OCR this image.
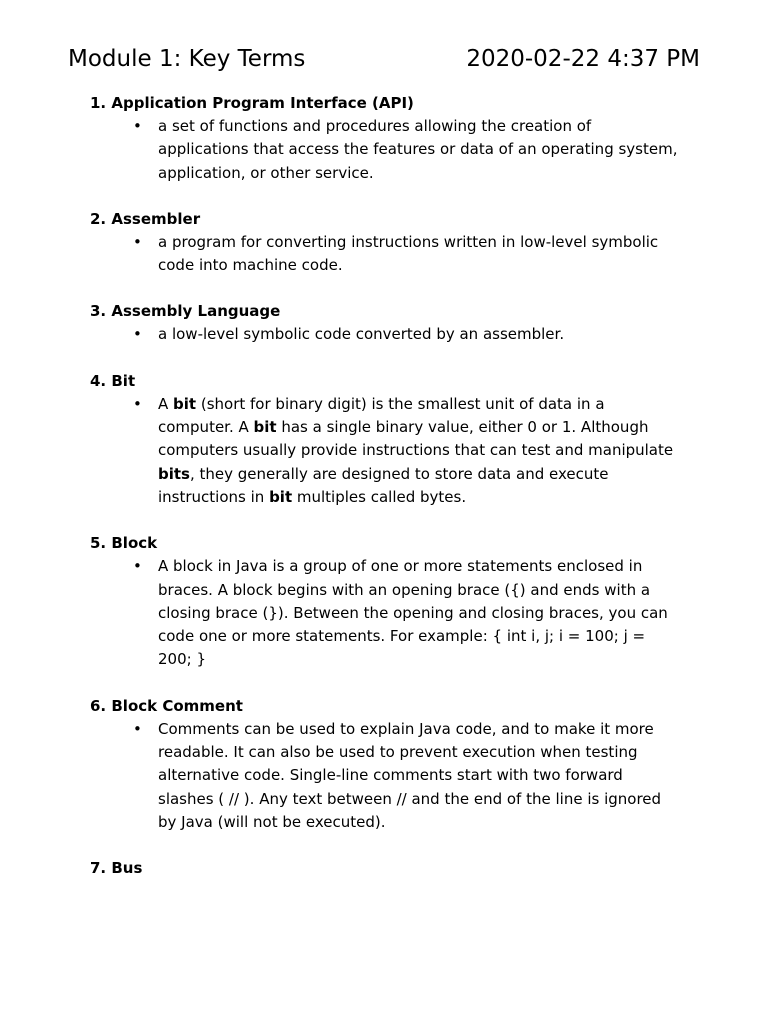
Module 1: Key Terms	2020-02-22 4:37 PM
1. Application Program Interface (API)
• a set of functions and procedures allowing the creation of applications that access the features or data of an operating system, application, or other service.
2. Assembler
• a program for converting instructions written in low-level symbolic code into machine code.
3. Assembly Language
• a low-level symbolic code converted by an assembler.
4. Bit
• A bit (short for binary digit) is the smallest unit of data in a computer. A bit has a single binary value, either 0 or 1. Although computers usually provide instructions that can test and manipulate bits, they generally are designed to store data and execute instructions in bit multiples called bytes.
5. Block
• A block in Java is a group of one or more statements enclosed in braces. A block begins with an opening brace ({) and ends with a closing brace (}). Between the opening and closing braces, you can code one or more statements. For example: { int i, j; i = 100; j = 200; }
6. Block Comment
• Comments can be used to explain Java code, and to make it more readable. It can also be used to prevent execution when testing alternative code. Single-line comments start with two forward slashes ( // ). Any text between // and the end of the line is ignored by Java (will not be executed).
7. Bus
